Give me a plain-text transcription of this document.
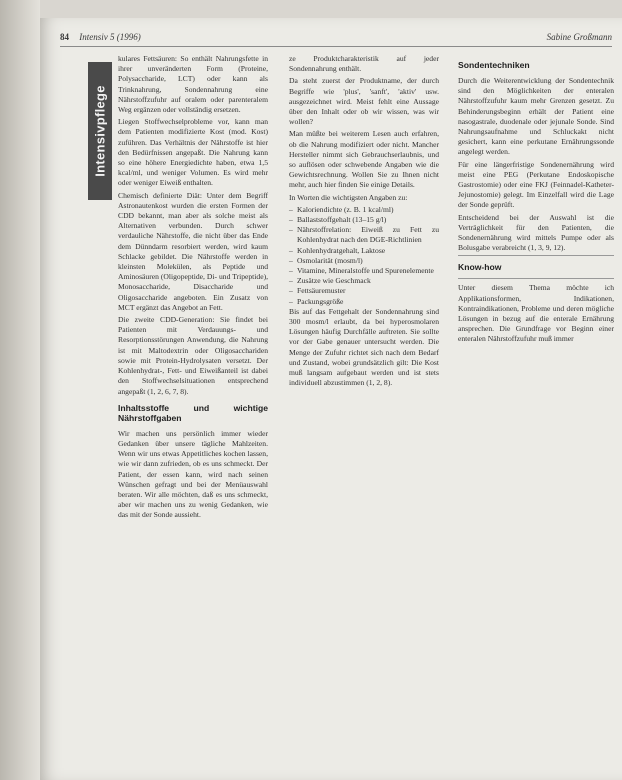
84 Intensiv 5 (1996)	Sabine Großmann
Intensivpflege

kulares Fettsäuren: So enthält Nahrungsfette in ihrer unveränderten Form (Proteine, Polysaccharide, LCT) oder kann als Trinknahrung, Sondennahrung eine Nährstoffzufuhr auf oralem oder parenteralem Weg ergänzen oder vollständig ersetzen.

Liegen Stoffwechselprobleme vor, kann man dem Patienten modifizierte Kost (mod. Kost) zuführen. Das Verhältnis der Nährstoffe ist hier den Bedürfnissen angepaßt. Die Nahrung kann so eine höhere Energiedichte haben, etwa 1,5 kcal/ml, und weniger Volumen. Es wird mehr oder weniger Eiweiß enthalten.

Chemisch definierte Diät: Unter dem Begriff Astronautenkost wurden die ersten Formen der CDD bekannt, man aber als solche meist als Alternativen verbunden. Durch schwer verdauliche Nährstoffe, die nicht über das Ende dem Dünndarm resorbiert werden, wird kaum Schlacke gebildet. Die Nährstoffe werden in kleinsten Molekülen, als Peptide und Aminosäuren (Oligopeptide, Di- und Tripeptide), Monosaccharide, Disaccharide und Oligosaccharide angeboten. Ein Zusatz von MCT ergänzt das Angebot an Fett.

Die zweite CDD-Generation: Sie findet bei Patienten mit Verdauungs- und Resorptionsstörungen Anwendung, die Nahrung ist mit Maltodextrin oder Oligosacchariden sowie mit Protein-Hydrolysaten versetzt. Der Kohlenhydrat-, Fett- und Eiweißanteil ist dabei den Stoffwechselsituationen entsprechend angepaßt (1, 2, 6, 7, 8).

Inhaltsstoffe und wichtige Nährstoffgaben

Wir machen uns persönlich immer wieder Gedanken über unsere tägliche Mahlzeiten. Wenn wir uns etwas Appetitliches kochen lassen, wie wir dann zufrieden, ob es uns schmeckt. Der Patient, der essen kann, wird nach seinen Wünschen gefragt und bei der Menüauswahl beraten. Wir alle möchten, daß es uns schmeckt, aber wir machen uns zu wenig Gedanken, wie das mit der Sonde aussieht.

ze Produktcharakteristik auf jeder Sondennahrung enthält.

Da steht zuerst der Produktname, der durch Begriffe wie 'plus', 'sanft', 'aktiv' usw. ausgezeichnet wird. Meist fehlt eine Aussage über den Inhalt oder ob wir wissen, was wir wollen?

Man müßte bei weiterem Lesen auch erfahren, ob die Nahrung modifiziert oder nicht. Mancher Hersteller nimmt sich Gebrauchserlaubnis, und so auflösen oder schwebende Angaben wie die Gewichtsrechnung. Wollen Sie zu Ihnen nicht mehr, auch hier finden Sie einige Details.

In Worten die wichtigsten Angaben zu:

– Kaloriendichte (z. B. 1 kcal/ml)
– Ballaststoffgehalt (13–15 g/l)
– Nährstoffrelation: Eiweiß zu Fett zu Kohlenhydrat nach den DGE-Richtlinien
– Kohlenhydratgehalt, Laktose
– Osmolarität (mosm/l)
– Vitamine, Mineralstoffe und Spurenelemente
– Zusätze wie Geschmack
– Fettsäuremuster
– Packungsgröße

Bis auf das Fettgehalt der Sondennahrung sind 300 mosm/l erlaubt, da bei hyperosmolaren Lösungen häufig Durchfälle auftreten. Sie sollte vor der Gabe genauer untersucht werden. Die Menge der Zufuhr richtet sich nach dem Bedarf und Zustand, wobei grundsätzlich gilt: Die Kost muß langsam aufgebaut werden und ist stets individuell abzustimmen (1, 2, 8).

Sondentechniken

Durch die Weiterentwicklung der Sondentechnik sind den Möglichkeiten der enteralen Nährstoffzufuhr kaum mehr Grenzen gesetzt. Zu Behinderungsbeginn erhält der Patient eine nasogastrale, duodenale oder jejunale Sonde. Sind Nahrungsaufnahme und Schluckakt nicht gesichert, kann eine perkutane Ernährungssonde angelegt werden.

Für eine längerfristige Sondenernährung wird meist eine PEG (Perkutane Endoskopische Gastrostomie) oder eine FKJ (Feinnadel-Katheter-Jejunostomie) gelegt. Im Einzelfall wird die Lage der Sonde geprüft.

Entscheidend bei der Auswahl ist die Verträglichkeit für den Patienten, die Sondenernährung wird mittels Pumpe oder als Bolusgabe verabreicht (1, 3, 9, 12).

Know-how

Unter diesem Thema möchte ich Applikationsformen, Indikationen, Kontraindikationen, Probleme und deren mögliche Lösungen in bezug auf die enterale Ernährung ansprechen. Die Grundfrage vor Beginn einer enteralen Nährstoffzufuhr muß immer
